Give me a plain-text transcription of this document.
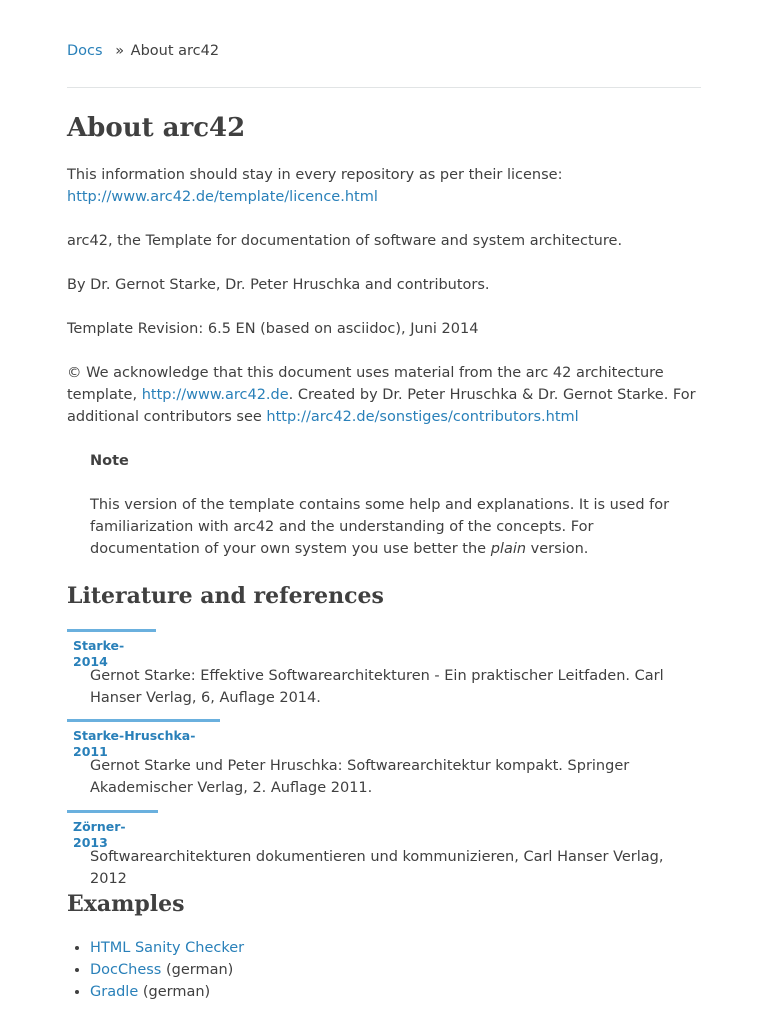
Docs » About arc42
About arc42

This information should stay in every repository as per their license:
http://www.arc42.de/template/licence.html

arc42, the Template for documentation of software and system architecture.

By Dr. Gernot Starke, Dr. Peter Hruschka and contributors.

Template Revision: 6.5 EN (based on asciidoc), Juni 2014

© We acknowledge that this document uses material from the arc 42 architecture template, http://www.arc42.de. Created by Dr. Peter Hruschka & Dr. Gernot Starke. For additional contributors see http://arc42.de/sonstiges/contributors.html

Note
This version of the template contains some help and explanations. It is used for familiarization with arc42 and the understanding of the concepts. For documentation of your own system you use better the plain version.
Literature and references
Starke-2014

Gernot Starke: Effektive Softwarearchitekturen - Ein praktischer Leitfaden. Carl Hanser Verlag, 6, Auflage 2014.

Starke-Hruschka-2011

Gernot Starke und Peter Hruschka: Softwarearchitektur kompakt. Springer Akademischer Verlag, 2. Auflage 2011.

Zörner-2013

Softwarearchitekturen dokumentieren und kommunizieren, Carl Hanser Verlag, 2012

Examples
• HTML Sanity Checker
• DocChess (german)
• Gradle (german)
